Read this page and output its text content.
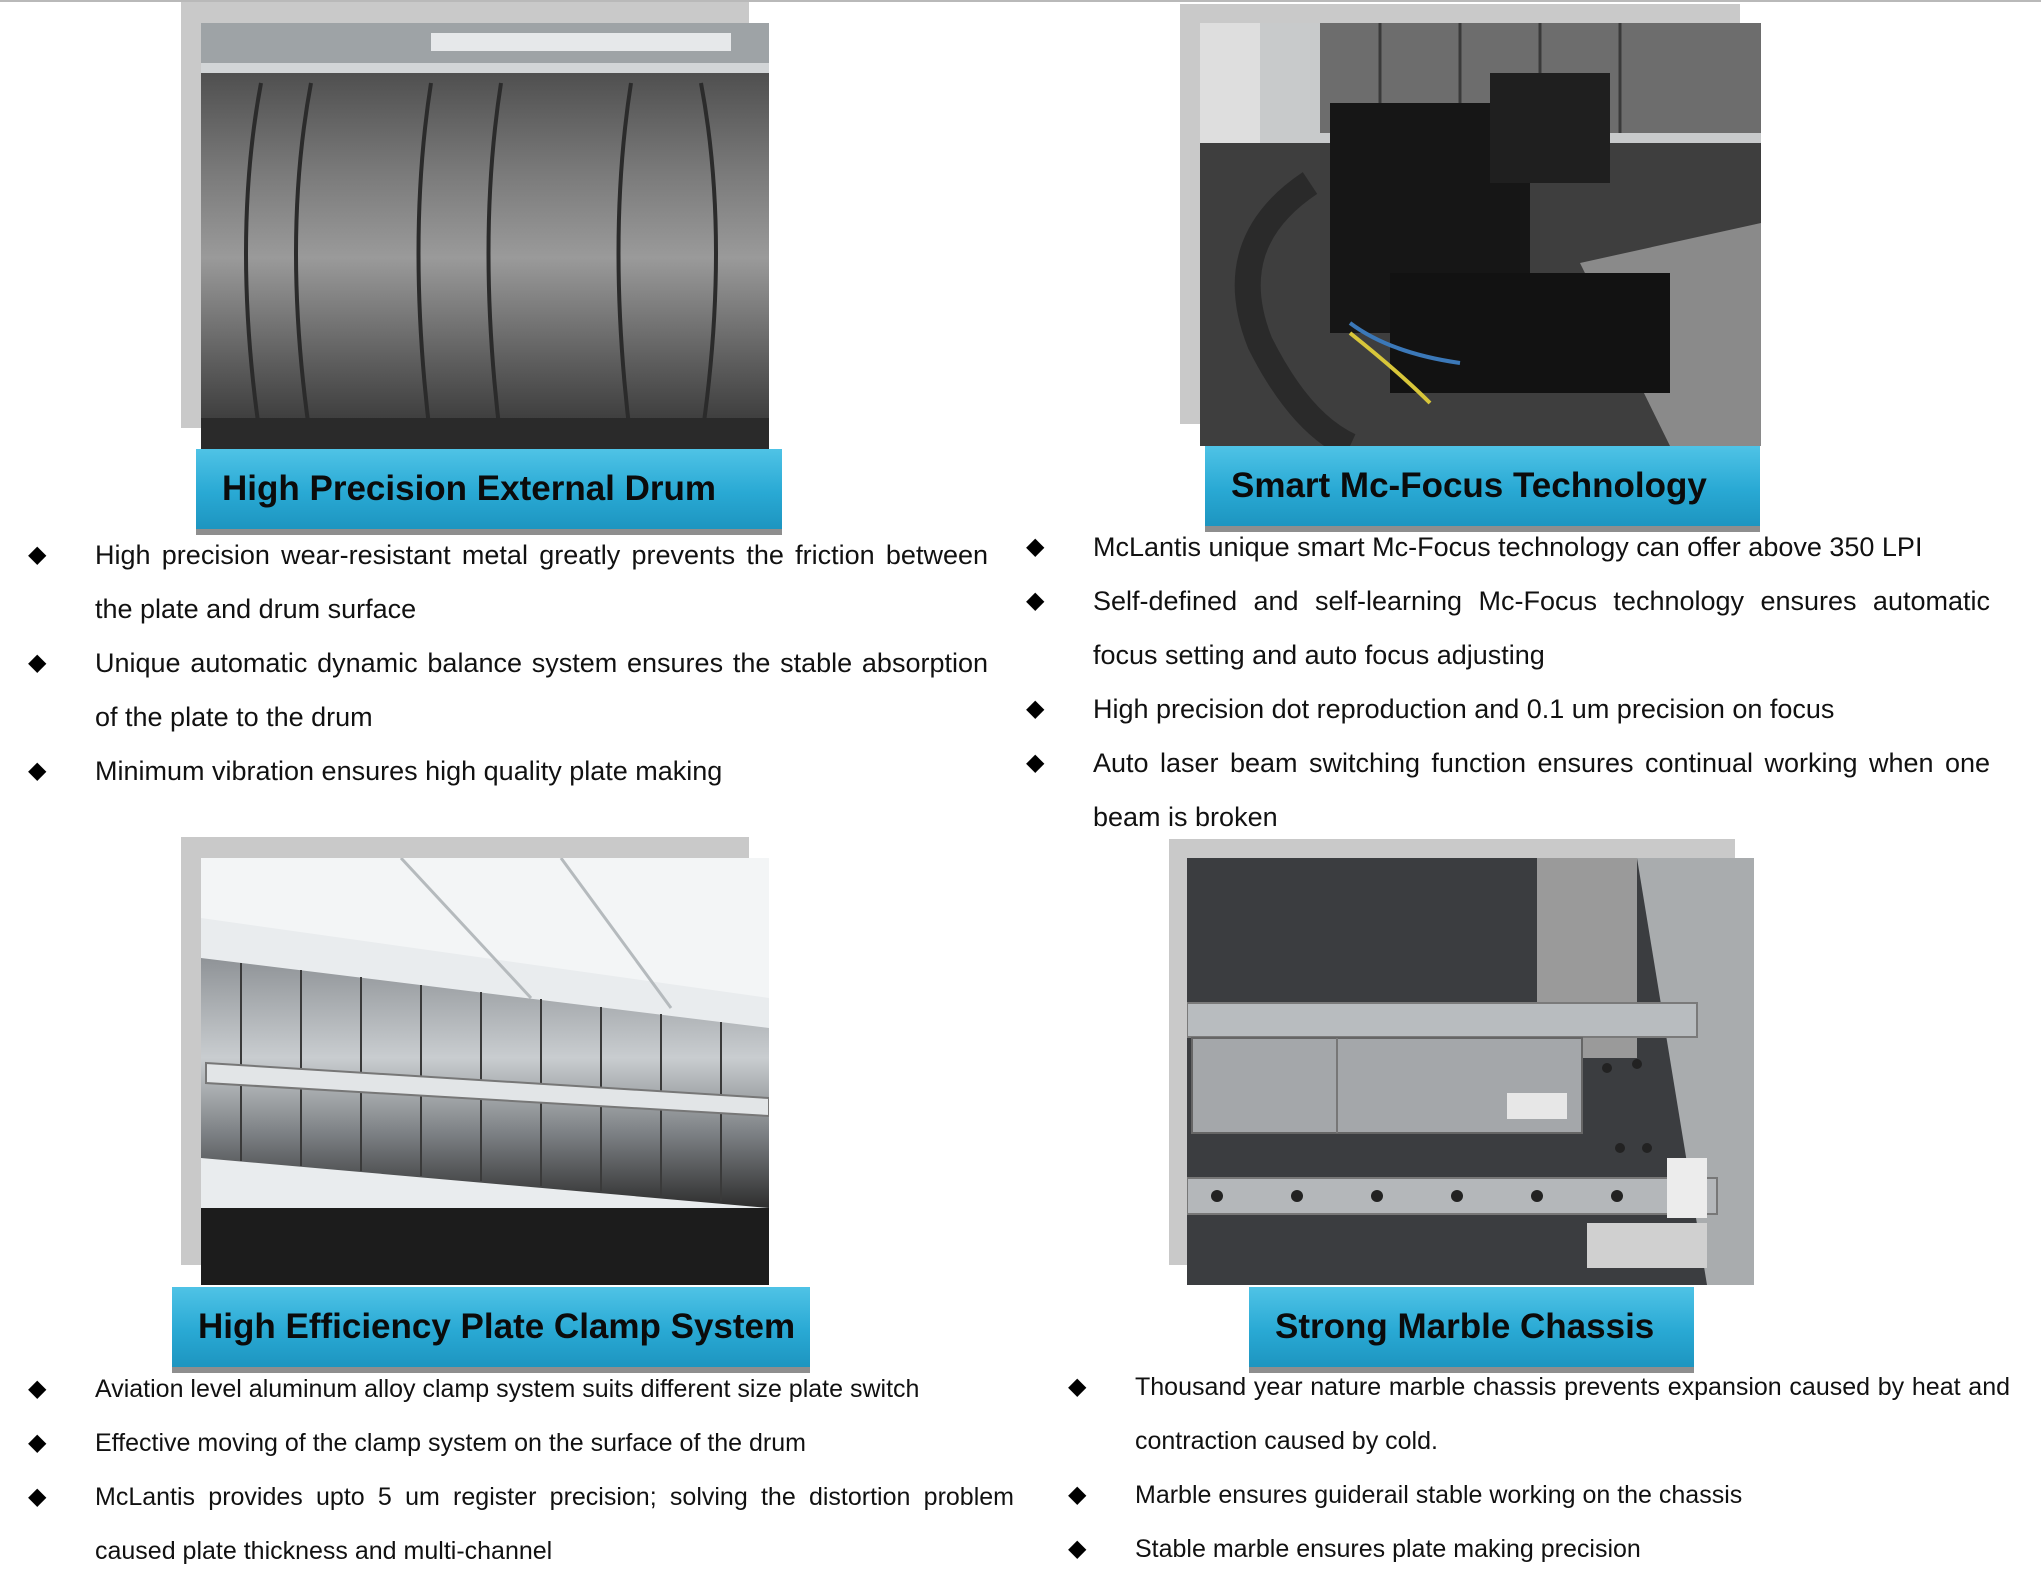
High Precision External Drum
◆ High precision wear-resistant metal greatly prevents the friction between the plate and drum surface
◆ Unique automatic dynamic balance system ensures the stable absorption of the plate to the drum
◆ Minimum vibration ensures high quality plate making
Smart Mc-Focus Technology
◆ McLantis unique smart Mc-Focus technology can offer above 350 LPI
◆ Self-defined and self-learning Mc-Focus technology ensures automatic focus setting and auto focus adjusting
◆ High precision dot reproduction and 0.1 um precision on focus
◆ Auto laser beam switching function ensures continual working when one beam is broken
High Efficiency Plate Clamp System
◆ Aviation level aluminum alloy clamp system suits different size plate switch
◆ Effective moving of the clamp system on the surface of the drum
◆ McLantis provides upto 5 um register precision; solving the distortion problem caused plate thickness and multi-channel
Strong Marble Chassis
◆ Thousand year nature marble chassis prevents expansion caused by heat and contraction caused by cold.
◆ Marble ensures guiderail stable working on the chassis
◆ Stable marble ensures plate making precision
